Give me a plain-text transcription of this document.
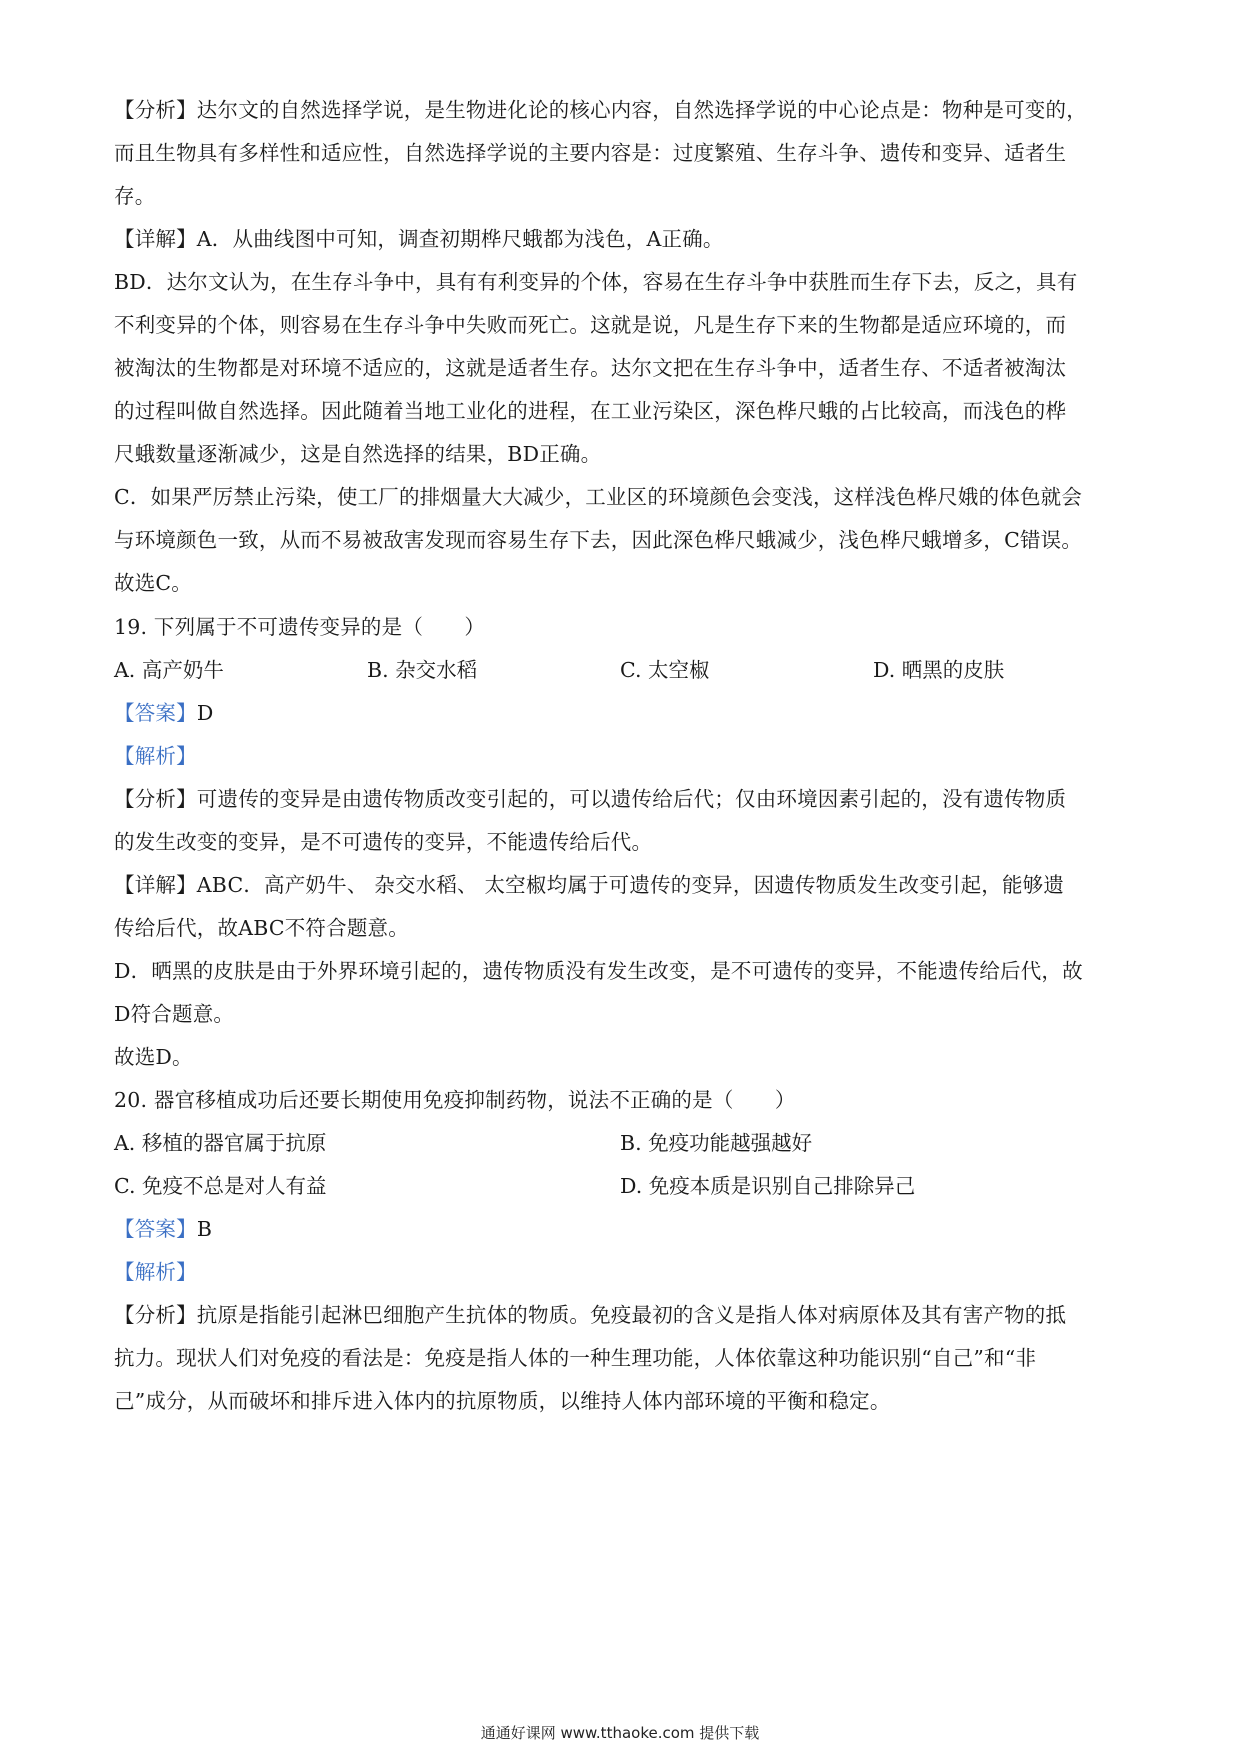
【分析】达尔文的自然选择学说，是生物进化论的核心内容，自然选择学说的中心论点是：物种是可变的，
而且生物具有多样性和适应性，自然选择学说的主要内容是：过度繁殖、生存斗争、遗传和变异、适者生
存。
【详解】A．从曲线图中可知，调查初期桦尺蛾都为浅色，A正确。
BD．达尔文认为，在生存斗争中，具有有利变异的个体，容易在生存斗争中获胜而生存下去，反之，具有
不利变异的个体，则容易在生存斗争中失败而死亡。这就是说，凡是生存下来的生物都是适应环境的，而
被淘汰的生物都是对环境不适应的，这就是适者生存。达尔文把在生存斗争中，适者生存、不适者被淘汰
的过程叫做自然选择。因此随着当地工业化的进程，在工业污染区，深色桦尺蛾的占比较高，而浅色的桦
尺蛾数量逐渐减少，这是自然选择的结果，BD正确。
C．如果严厉禁止污染，使工厂的排烟量大大减少，工业区的环境颜色会变浅，这样浅色桦尺娥的体色就会
与环境颜色一致，从而不易被敌害发现而容易生存下去，因此深色桦尺蛾减少，浅色桦尺蛾增多，C错误。
故选C。
19. 下列属于不可遗传变异的是（　　）
A. 高产奶牛	B. 杂交水稻	C. 太空椒	D. 晒黑的皮肤
【答案】D
【解析】
【分析】可遗传的变异是由遗传物质改变引起的，可以遗传给后代；仅由环境因素引起的，没有遗传物质
的发生改变的变异，是不可遗传的变异，不能遗传给后代。
【详解】ABC．高产奶牛、 杂交水稻、 太空椒均属于可遗传的变异，因遗传物质发生改变引起，能够遗
传给后代，故ABC不符合题意。
D．晒黑的皮肤是由于外界环境引起的，遗传物质没有发生改变，是不可遗传的变异，不能遗传给后代，故
D符合题意。
故选D。
20. 器官移植成功后还要长期使用免疫抑制药物，说法不正确的是（　　）
A. 移植的器官属于抗原	B. 免疫功能越强越好
C. 免疫不总是对人有益	D. 免疫本质是识别自己排除异己
【答案】B
【解析】
【分析】抗原是指能引起淋巴细胞产生抗体的物质。免疫最初的含义是指人体对病原体及其有害产物的抵
抗力。现状人们对免疫的看法是：免疫是指人体的一种生理功能，人体依靠这种功能识别“自己”和“非
己”成分，从而破坏和排斥进入体内的抗原物质，以维持人体内部环境的平衡和稳定。
通通好课网 www.tthaoke.com 提供下载
